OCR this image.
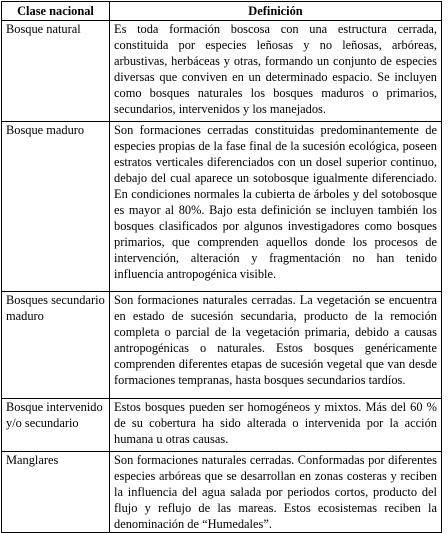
Clase nacional	Definición
Bosque natural	Es toda formación boscosa con una estructura cerrada, constituida por especies leñosas y no leñosas, arbóreas, arbustivas, herbáceas y otras, formando un conjunto de especies diversas que conviven en un determinado espacio. Se incluyen como bosques naturales los bosques maduros o primarios, secundarios, intervenidos y los manejados.
Bosque maduro	Son formaciones cerradas constituidas predominantemente de especies propias de la fase final de la sucesión ecológica, poseen estratos verticales diferenciados con un dosel superior continuo, debajo del cual aparece un sotobosque igualmente diferenciado. En condiciones normales la cubierta de árboles y del sotobosque es mayor al 80%. Bajo esta definición se incluyen también los bosques clasificados por algunos investigadores como bosques primarios, que comprenden aquellos donde los procesos de intervención, alteración y fragmentación no han tenido influencia antropogénica visible.
Bosques secundario maduro	Son formaciones naturales cerradas. La vegetación se encuentra en estado de sucesión secundaria, producto de la remoción completa o parcial de la vegetación primaria, debido a causas antropogénicas o naturales. Estos bosques genéricamente comprenden diferentes etapas de sucesión vegetal que van desde formaciones tempranas, hasta bosques secundarios tardíos.
Bosque intervenido y/o secundario	Estos bosques pueden ser homogéneos y mixtos. Más del 60 % de su cobertura ha sido alterada o intervenida por la acción humana u otras causas.
Manglares	Son formaciones naturales cerradas. Conformadas por diferentes especies arbóreas que se desarrollan en zonas costeras y reciben la influencia del agua salada por periodos cortos, producto del flujo y reflujo de las mareas. Estos ecosistemas reciben la denominación de “Humedales”.
